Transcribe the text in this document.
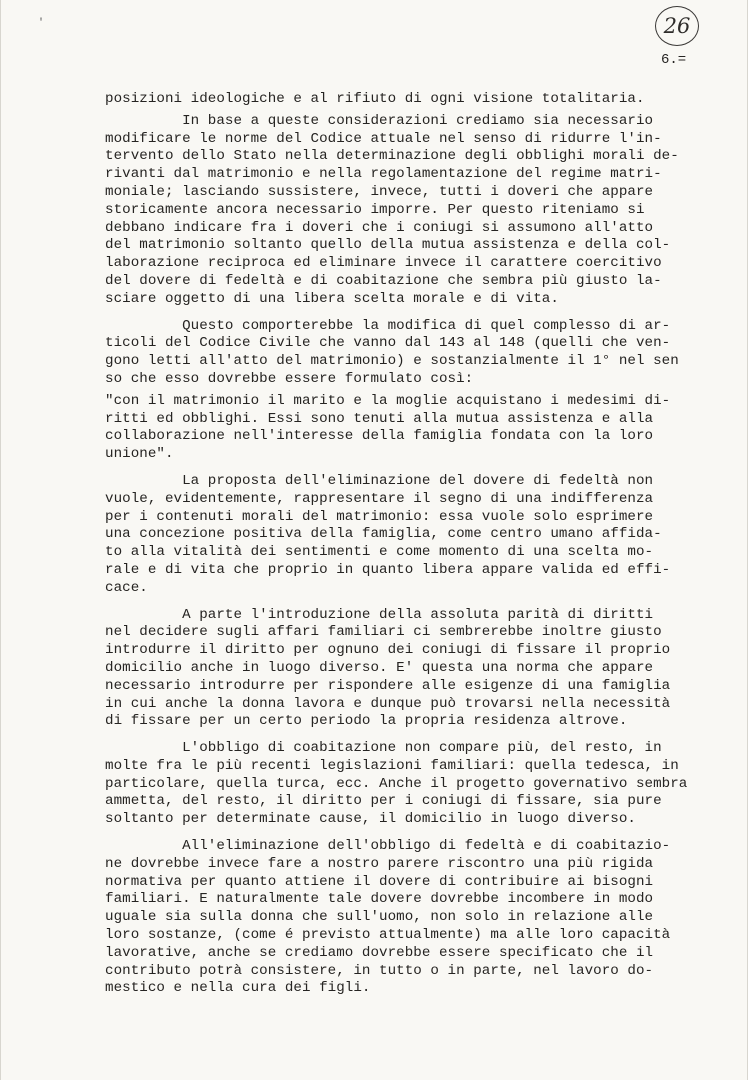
'	26
6.=
posizioni ideologiche e al rifiuto di ogni visione totalitaria.
In base a queste considerazioni crediamo sia necessario
modificare le norme del Codice attuale nel senso di ridurre l'in-
tervento dello Stato nella determinazione degli obblighi morali de-
rivanti dal matrimonio e nella regolamentazione del regime matri-
moniale; lasciando sussistere, invece, tutti i doveri che appare
storicamente ancora necessario imporre. Per questo riteniamo si
debbano indicare fra i doveri che i coniugi si assumono all'atto
del matrimonio soltanto quello della mutua assistenza e della col-
laborazione reciproca ed eliminare invece il carattere coercitivo
del dovere di fedeltà e di coabitazione che sembra più giusto la-
sciare oggetto di una libera scelta morale e di vita.
Questo comporterebbe la modifica di quel complesso di ar-
ticoli del Codice Civile che vanno dal 143 al 148 (quelli che ven-
gono letti all'atto del matrimonio) e sostanzialmente il 1° nel sen
so che esso dovrebbe essere formulato così:
"con il matrimonio il marito e la moglie acquistano i medesimi di-
ritti ed obblighi. Essi sono tenuti alla mutua assistenza e alla
collaborazione nell'interesse della famiglia fondata con la loro
unione".
La proposta dell'eliminazione del dovere di fedeltà non
vuole, evidentemente, rappresentare il segno di una indifferenza
per i contenuti morali del matrimonio: essa vuole solo esprimere
una concezione positiva della famiglia, come centro umano affida-
to alla vitalità dei sentimenti e come momento di una scelta mo-
rale e di vita che proprio in quanto libera appare valida ed effi-
cace.
A parte l'introduzione della assoluta parità di diritti
nel decidere sugli affari familiari ci sembrerebbe inoltre giusto
introdurre il diritto per ognuno dei coniugi di fissare il proprio
domicilio anche in luogo diverso. E' questa una norma che appare
necessario introdurre per rispondere alle esigenze di una famiglia
in cui anche la donna lavora e dunque può trovarsi nella necessità
di fissare per un certo periodo la propria residenza altrove.
L'obbligo di coabitazione non compare più, del resto, in
molte fra le più recenti legislazioni familiari: quella tedesca, in
particolare, quella turca, ecc. Anche il progetto governativo sembra
ammetta, del resto, il diritto per i coniugi di fissare, sia pure
soltanto per determinate cause, il domicilio in luogo diverso.
All'eliminazione dell'obbligo di fedeltà e di coabitazio-
ne dovrebbe invece fare a nostro parere riscontro una più rigida
normativa per quanto attiene il dovere di contribuire ai bisogni
familiari. E naturalmente tale dovere dovrebbe incombere in modo
uguale sia sulla donna che sull'uomo, non solo in relazione alle
loro sostanze, (come é previsto attualmente) ma alle loro capacità
lavorative, anche se crediamo dovrebbe essere specificato che il
contributo potrà consistere, in tutto o in parte, nel lavoro do-
mestico e nella cura dei figli.
